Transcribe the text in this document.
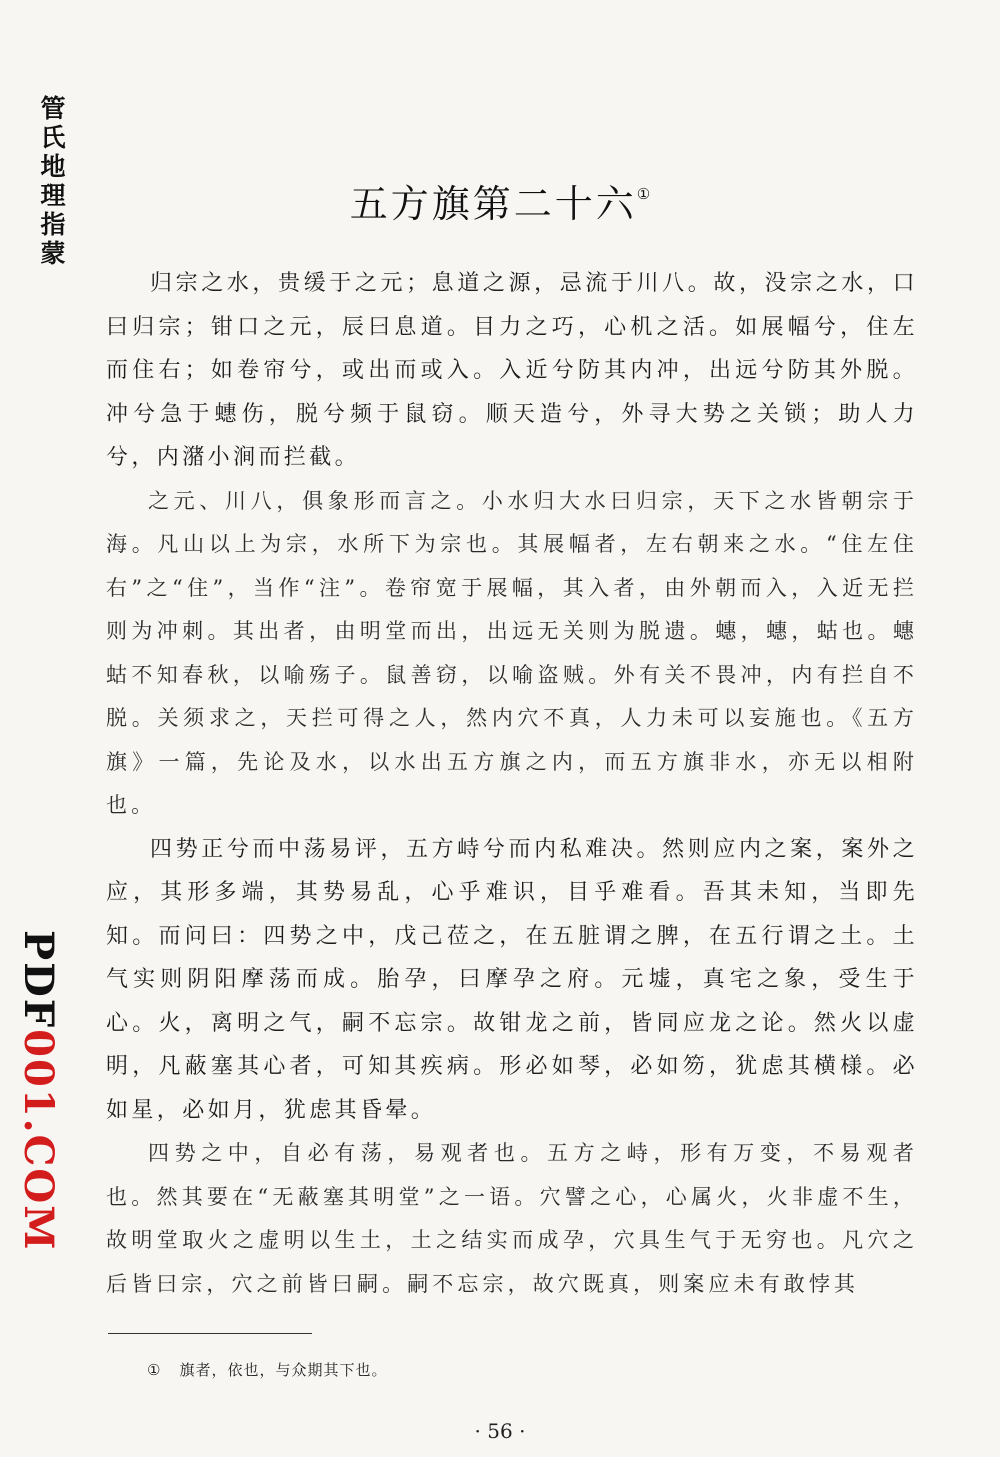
管氏地理指蒙
PDF001.COM
五方旗第二十六①

归宗之水，贵缓于之元；息道之源，忌流于川八。故，没宗之水，口曰归宗；钳口之元，辰曰息道。目力之巧，心机之活。如展幅兮，住左而住右；如卷帘兮，或出而或入。入近兮防其内冲，出远兮防其外脱。冲兮急于蟪伤，脱兮频于鼠窃。顺天造兮，外寻大势之关锁；助人力兮，内潴小涧而拦截。

之元、川八，俱象形而言之。小水归大水曰归宗，天下之水皆朝宗于海。凡山以上为宗，水所下为宗也。其展幅者，左右朝来之水。“住左住右”之“住”，当作“注”。卷帘宽于展幅，其入者，由外朝而入，入近无拦则为冲刺。其出者，由明堂而出，出远无关则为脱遗。蟪，蟪，蛄也。蟪蛄不知春秋，以喻殇子。鼠善窃，以喻盗贼。外有关不畏冲，内有拦自不脱。关须求之，天拦可得之人，然内穴不真，人力未可以妄施也。《五方旗》一篇，先论及水，以水出五方旗之内，而五方旗非水，亦无以相附也。

四势正兮而中荡易评，五方峙兮而内私难决。然则应内之案，案外之应，其形多端，其势易乱，心乎难识，目乎难看。吾其未知，当即先知。而问曰：四势之中，戊己莅之，在五脏谓之脾，在五行谓之土。土气实则阴阳摩荡而成。胎孕，曰摩孕之府。元墟，真宅之象，受生于心。火，离明之气，嗣不忘宗。故钳龙之前，皆同应龙之论。然火以虚明，凡蔽塞其心者，可知其疾病。形必如琴，必如笏，犹虑其横様。必如星，必如月，犹虑其昏晕。

四势之中，自必有荡，易观者也。五方之峙，形有万变，不易观者也。然其要在“无蔽塞其明堂”之一语。穴譬之心，心属火，火非虚不生，故明堂取火之虚明以生土，土之结实而成孕，穴具生气于无穷也。凡穴之后皆曰宗，穴之前皆曰嗣。嗣不忘宗，故穴既真，则案应未有敢悖其

① 旗者，依也，与众期其下也。
· 56 ·
